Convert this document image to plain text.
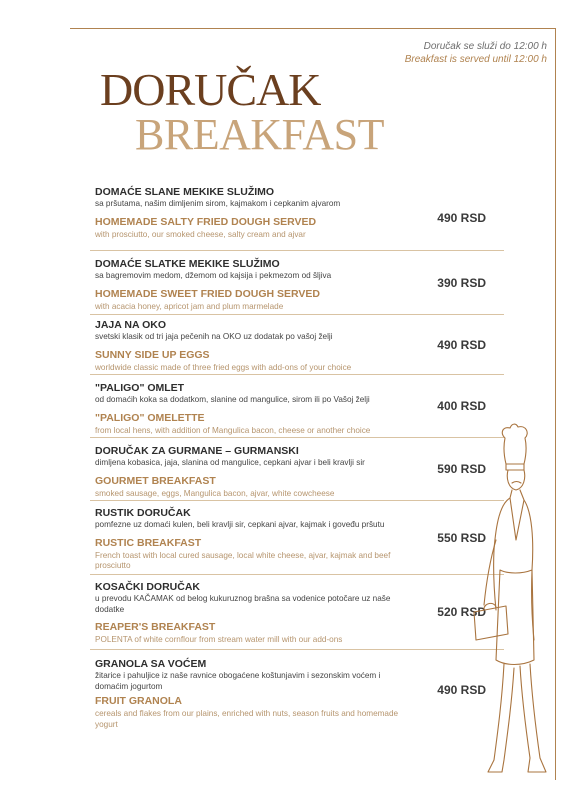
Doručak se služi do 12:00 h
Breakfast is served until 12:00 h
DORUČAK
BREAKFAST
DOMAĆE SLANE MEKIKE SLUŽIMO
sa pršutama, našim dimljenim sirom, kajmakom i cepkanim ajvarom
HOMEMADE SALTY FRIED DOUGH SERVED
with prosciutto, our smoked cheese, salty cream and ajvar
490 RSD
DOMAĆE SLATKE MEKIKE SLUŽIMO
sa bagremovim medom, džemom od kajsija i pekmezom od šljiva
HOMEMADE SWEET FRIED DOUGH SERVED
with acacia honey, apricot jam and plum marmelade
390 RSD
JAJA NA OKO
svetski klasik od tri jaja pečenih na OKO uz dodatak po vašoj želji
SUNNY SIDE UP EGGS
worldwide classic made of three fried eggs with add-ons of your choice
490 RSD
"PALIGO" OMLET
od domaćih koka sa dodatkom, slanine od mangulice, sirom ili po Vašoj želji
"PALIGO" OMELETTE
from local hens, with addition of Mangulica bacon, cheese or another choice
400 RSD
DORUČAK ZA GURMANE – GURMANSKI
dimljena kobasica, jaja, slanina od mangulice, cepkani ajvar i beli kravlji sir
GOURMET BREAKFAST
smoked sausage, eggs, Mangulica bacon, ajvar, white cowcheese
590 RSD
RUSTIK DORUČAK
pomfezne uz domaći kulen, beli kravlji sir, cepkani ajvar, kajmak i goveđu pršutu
RUSTIC BREAKFAST
French toast with local cured sausage, local white cheese, ajvar, kajmak and beef prosciutto
550 RSD
KOSAČKI DORUČAK
u prevodu KAČAMAK od belog kukuruznog brašna sa vodenice potočare uz naše dodatke
REAPER'S BREAKFAST
POLENTA of white cornflour from stream water mill with our add-ons
520 RSD
GRANOLA SA VOĆEM
žitarice i pahuljice iz naše ravnice obogaćene koštunjavim i sezonskim voćem i domaćim jogurtom
FRUIT GRANOLA
cereals and flakes from our plains, enriched with nuts, season fruits and homemade yogurt
490 RSD
